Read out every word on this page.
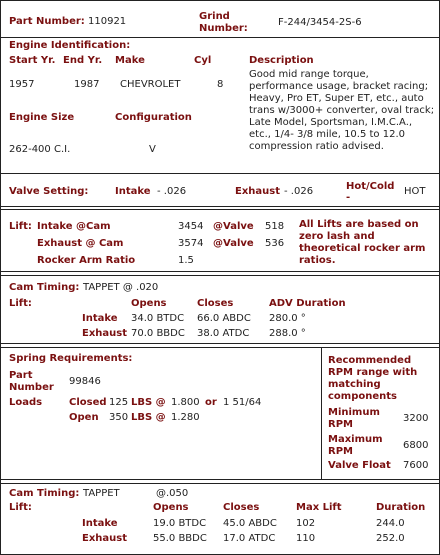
Part Number: 110921	Grind
Number:
F-244/3454-2S-6
Engine Identification:
Start Yr. End Yr. Make	Cyl	Description
1957	1987 CHEVROLET	8
Good mid range torque, performance usage, bracket racing; Heavy, Pro ET, Super ET, etc., auto trans w/3000+ converter, oval track; Late Model, Sportsman, I.M.C.A., etc., 1/4- 3/8 mile, 10.5 to 12.0 compression ratio advised.
Engine Size	Configuration
262-400 C.I.	V
Valve Setting:	Intake - .026	Exhaust - .026	Hot/Cold
-
HOT
Lift: Intake @Cam	3454 @Valve 518
Exhaust @ Cam	3574 @Valve 536
Rocker Arm Ratio	1.5
All Lifts are based on zero lash and theoretical rocker arm ratios.
Cam Timing: TAPPET @ .020
Lift:	Opens	Closes	ADV Duration
Intake 34.0 BTDC 66.0 ABDC 280.0 °
Exhaust 70.0 BBDC 38.0 ATDC 288.0 °
Spring Requirements:
Part
Number
99846
Loads	Closed 125 LBS @ 1.800 or 1 51/64
Open 350 LBS @ 1.280
Recommended RPM range with matching components
Minimum
RPM
3200
Maximum
RPM
6800
Valve Float 7600
Cam Timing: TAPPET	@.050
Lift:	Opens	Closes	Max Lift	Duration
Intake	19.0 BTDC 45.0 ABDC 102	244.0
Exhaust	55.0 BBDC 17.0 ATDC 110	252.0
